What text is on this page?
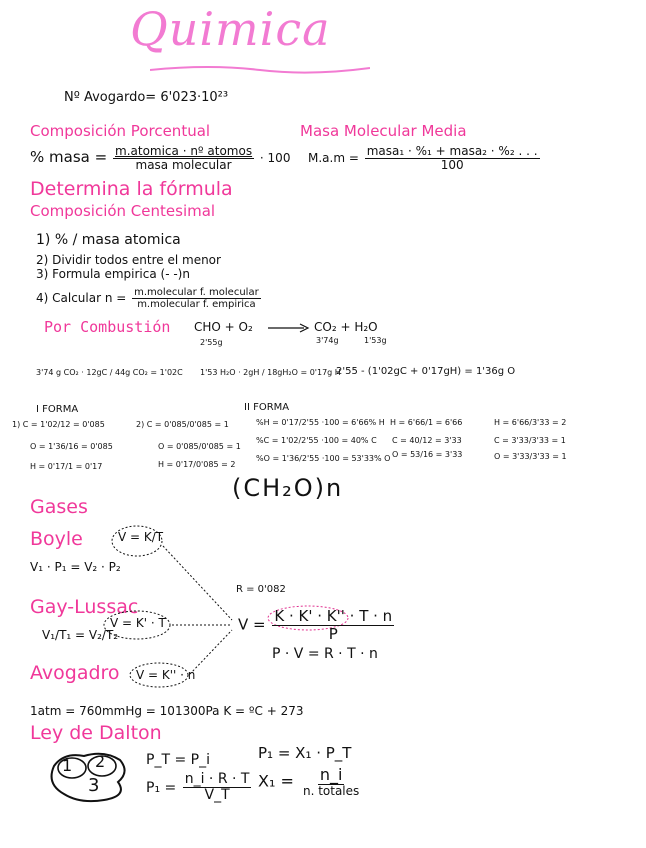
Quimica
Nº Avogardo= 6'023·10²³
Composición Porcentual
% masa = $\frac{\text{m.atomica · nº atomos}}{\text{masa molecular}} \cdot 100$
Masa Molecular Media
$M.a.m = \frac{\text{masa₁ · \%₁ + masa₂ · \%₂ . . .}}{100}$
Determina la fórmula
Composición Centesimal
1) % / masa atomica
2) Dividir todos entre el menor
3) Formula empirica (- -)n
4) Calcular $n = \frac{\text{m.molecular f. molecular}}{\text{m.molecular f. empirica}}$
Por Combustión CHO + O₂ → CO₂ + H₂O
2'55g	3'74g	1'53g
3'74 g CO₂ · 12gC / 44g CO₂ = 1'02C 1'53 H₂O · 2gH / 18gH₂O = 0'17g H
2'55 - (1'02gC + 0'17gH) = 1'36g O
I FORMA
1) C = 1'02/12 = 0'085
O = 1'36/16 = 0'085
H = 0'17/1 = 0'17
2) C = 0'085/0'085 = 1
O = 0'085/0'085 = 1
H = 0'17/0'085 = 2
II FORMA
%H = 0'17/2'55 ·100 = 6'66% H
%C = 1'02/2'55 ·100 = 40% C
%O = 1'36/2'55 ·100 = 53'33% O
H = 6'66/1 = 6'66
C = 40/12 = 3'33
O = 53/16 = 3'33
H = 6'66/3'33 = 2
C = 3'33/3'33 = 1
O = 3'33/3'33 = 1
(CH₂O)n
Gases
Boyle	V = K/T
V₁ · P₁ = V₂ · P₂
Gay-Lussac
V = K' · T
V₁/T₁ = V₂/T₂
Avogadro V = K'' · n
R = 0'082
$V = \frac{K \cdot K' \cdot K'' \cdot T \cdot n}{P}$
P · V = R · T · n
1atm = 760mmHg = 101300Pa K = ºC + 273
Ley de Dalton
1 2
3
P_T = P_i
$P_1 = \frac{n\_i \cdot R \cdot T}{V\_T}$
P₁ = X₁ · P_T
$X_1 = \frac{n\_i}{\text{n. totales}}$
